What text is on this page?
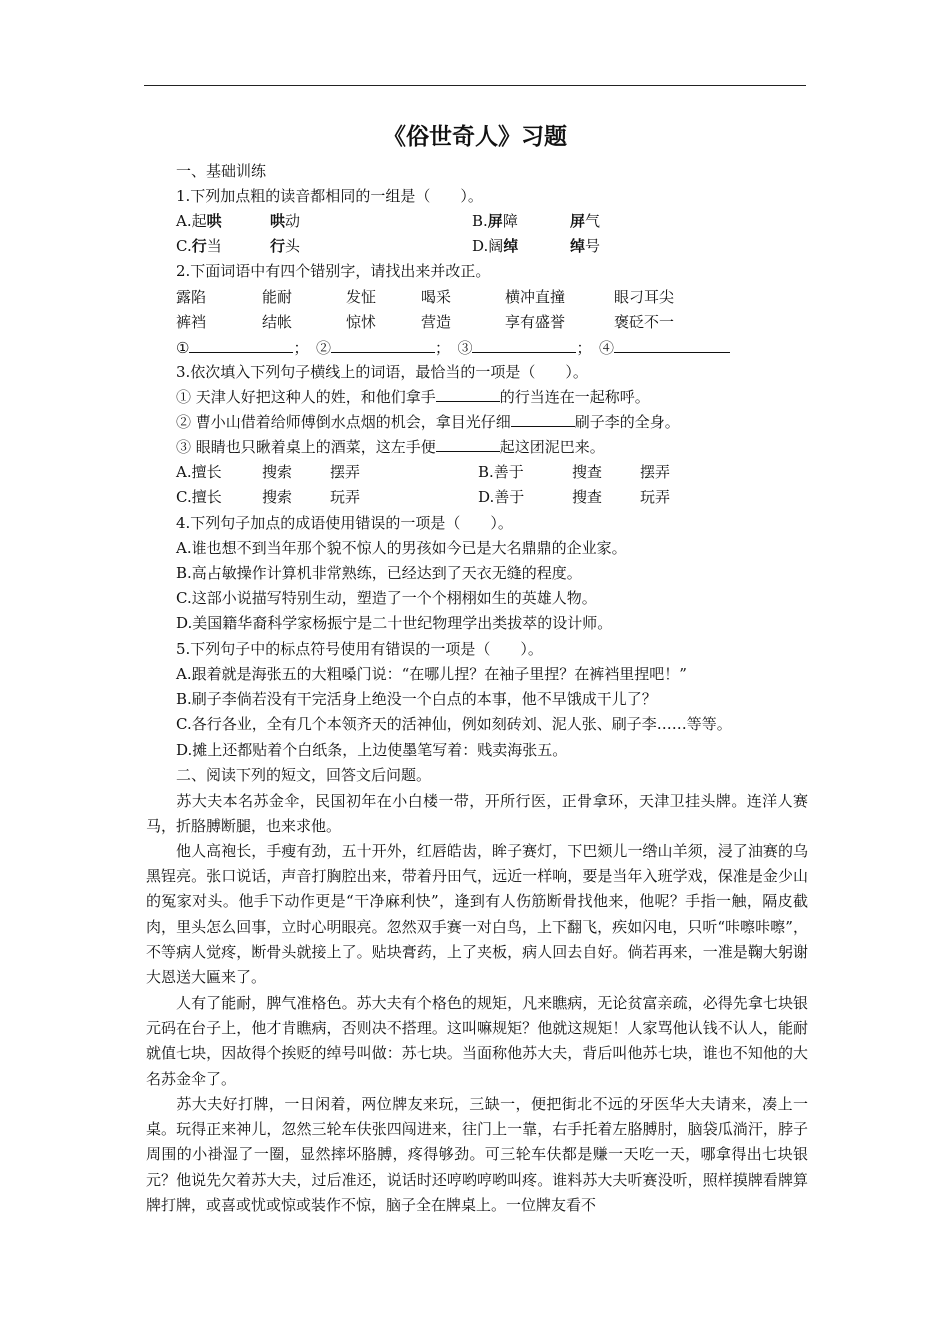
《俗世奇人》习题
一、基础训练
1.下列加点粗的读音都相同的一组是（　　）。
A.起哄	哄动	B.屏障	屏气
C.行当	行头	D.阔绰	绰号
2.下面词语中有四个错别字，请找出来并改正。
露陷	能耐	发怔	喝采	横冲直撞	眼刁耳尖
裤裆	结帐	惊怵	营造	享有盛誉	褒砭不一
①	；　②	；　③	；　④
3.依次填入下列句子横线上的词语，最恰当的一项是（　　）。
① 天津人好把这种人的姓，和他们拿手	的行当连在一起称呼。
② 曹小山借着给师傅倒水点烟的机会，拿目光仔细	刷子李的全身。
③ 眼睛也只瞅着桌上的酒菜，这左手便	起这团泥巴来。
A.擅长	搜索	摆弄	B.善于	搜查	摆弄
C.擅长	搜索	玩弄	D.善于	搜查	玩弄
4.下列句子加点的成语使用错误的一项是（　　）。
A.谁也想不到当年那个貌不惊人的男孩如今已是大名鼎鼎的企业家。
B.高占敏操作计算机非常熟练，已经达到了天衣无缝的程度。
C.这部小说描写特别生动，塑造了一个个栩栩如生的英雄人物。
D.美国籍华裔科学家杨振宁是二十世纪物理学出类拔萃的设计师。
5.下列句子中的标点符号使用有错误的一项是（　　）。
A.跟着就是海张五的大粗嗓门说：“在哪儿捏？在袖子里捏？在裤裆里捏吧！”
B.刷子李倘若没有干完活身上绝没一个白点的本事，他不早饿成干儿了？
C.各行各业，全有几个本领齐天的活神仙，例如刻砖刘、泥人张、刷子李……等等。
D.摊上还都贴着个白纸条，上边使墨笔写着：贱卖海张五。
二、阅读下列的短文，回答文后问题。
苏大夫本名苏金伞，民国初年在小白楼一带，开所行医，正骨拿环，天津卫挂头牌。连洋人赛马，折胳膊断腿，也来求他。
他人高袍长，手瘦有劲，五十开外，红唇皓齿，眸子赛灯，下巴颏儿一绺山羊须，浸了油赛的乌黑锃亮。张口说话，声音打胸腔出来，带着丹田气，远近一样响，要是当年入班学戏，保准是金少山的冤家对头。他手下动作更是“干净麻利快”，逢到有人伤筋断骨找他来，他呢？手指一触，隔皮截肉，里头怎么回事，立时心明眼亮。忽然双手赛一对白鸟，上下翻飞，疾如闪电，只听“咔嚓咔嚓”，不等病人觉疼，断骨头就接上了。贴块膏药，上了夹板，病人回去自好。倘若再来，一准是鞠大躬谢大恩送大匾来了。
人有了能耐，脾气准格色。苏大夫有个格色的规矩，凡来瞧病，无论贫富亲疏，必得先拿七块银元码在台子上，他才肯瞧病，否则决不搭理。这叫嘛规矩？他就这规矩！人家骂他认钱不认人，能耐就值七块，因故得个挨贬的绰号叫做：苏七块。当面称他苏大夫，背后叫他苏七块，谁也不知他的大名苏金伞了。
苏大夫好打牌，一日闲着，两位牌友来玩，三缺一，便把街北不远的牙医华大夫请来，凑上一桌。玩得正来神儿，忽然三轮车伕张四闯进来，往门上一靠，右手托着左胳膊肘，脑袋瓜淌汗，脖子周围的小褂湿了一圈，显然摔坏胳膊，疼得够劲。可三轮车伕都是赚一天吃一天，哪拿得出七块银元？他说先欠着苏大夫，过后准还，说话时还哼哟哼哟叫疼。谁料苏大夫听赛没听，照样摸牌看牌算牌打牌，或喜或忧或惊或装作不惊，脑子全在牌桌上。一位牌友看不
